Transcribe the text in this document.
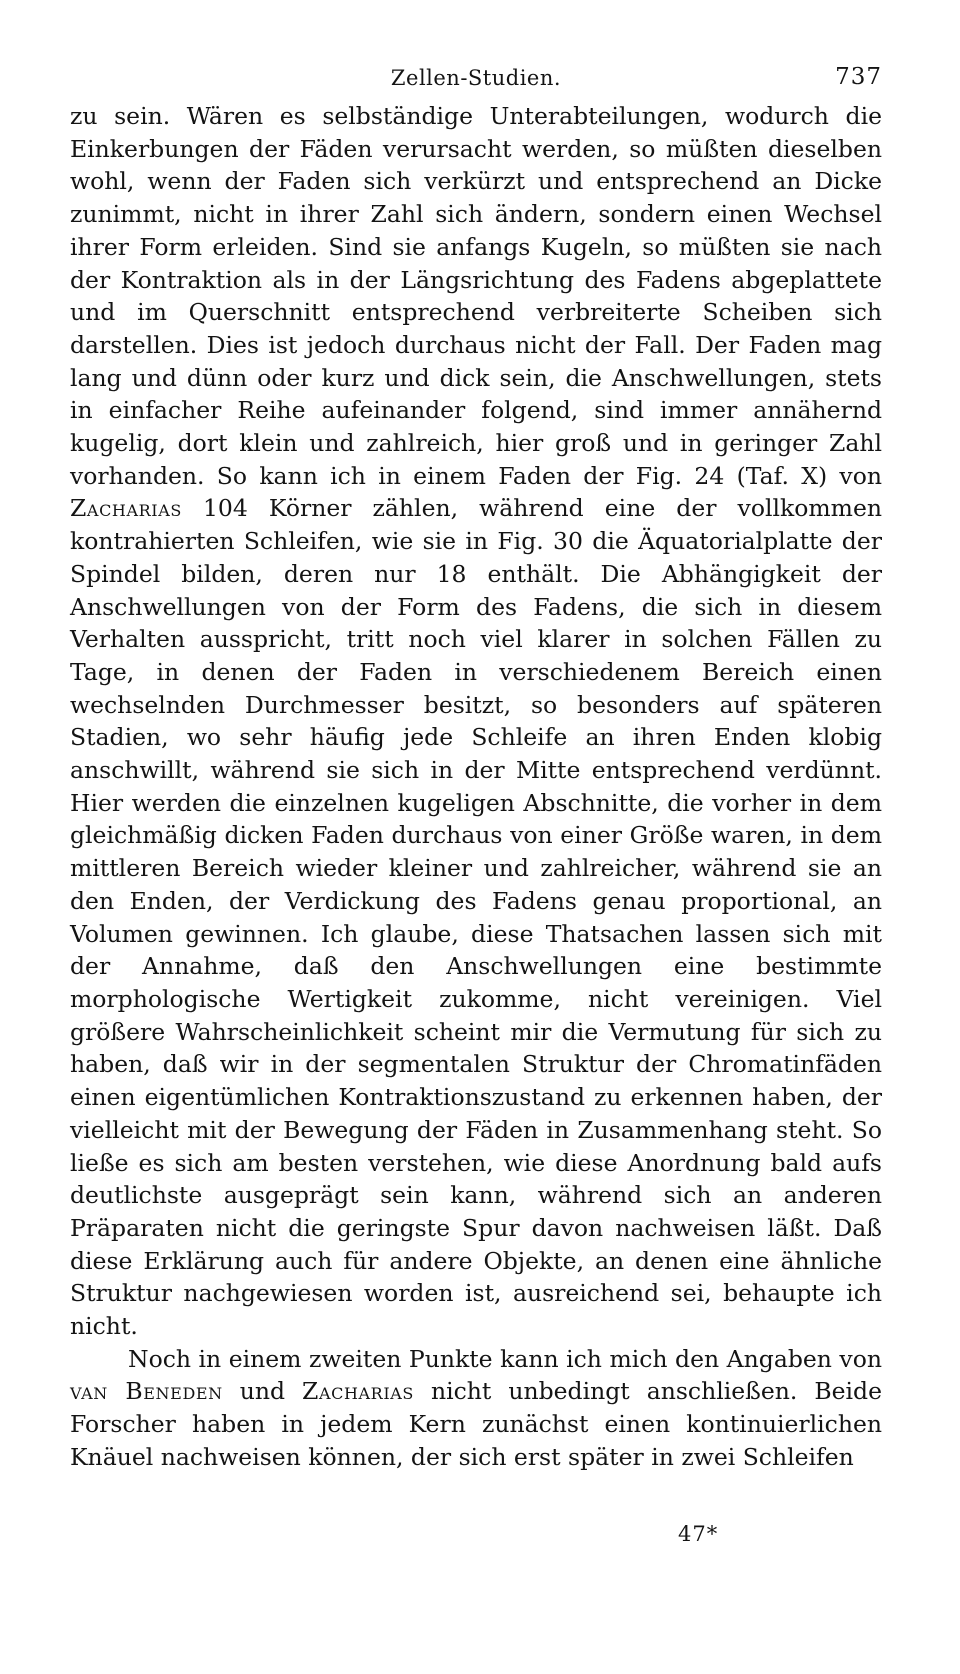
Zellen-Studien.	737

zu sein. Wären es selbständige Unterabteilungen, wodurch die Einkerbungen der Fäden verursacht werden, so müßten dieselben wohl, wenn der Faden sich verkürzt und entsprechend an Dicke zunimmt, nicht in ihrer Zahl sich ändern, sondern einen Wechsel ihrer Form erleiden. Sind sie anfangs Kugeln, so müßten sie nach der Kontraktion als in der Längsrichtung des Fadens abgeplattete und im Querschnitt entsprechend verbreiterte Scheiben sich darstellen. Dies ist jedoch durchaus nicht der Fall. Der Faden mag lang und dünn oder kurz und dick sein, die Anschwellungen, stets in einfacher Reihe aufeinander folgend, sind immer annähernd kugelig, dort klein und zahlreich, hier groß und in geringer Zahl vorhanden. So kann ich in einem Faden der Fig. 24 (Taf. X) von Zacharias 104 Körner zählen, während eine der vollkommen kontrahierten Schleifen, wie sie in Fig. 30 die Äquatorialplatte der Spindel bilden, deren nur 18 enthält. Die Abhängigkeit der Anschwellungen von der Form des Fadens, die sich in diesem Verhalten ausspricht, tritt noch viel klarer in solchen Fällen zu Tage, in denen der Faden in verschiedenem Bereich einen wechselnden Durchmesser besitzt, so besonders auf späteren Stadien, wo sehr häufig jede Schleife an ihren Enden klobig anschwillt, während sie sich in der Mitte entsprechend verdünnt. Hier werden die einzelnen kugeligen Abschnitte, die vorher in dem gleichmäßig dicken Faden durchaus von einer Größe waren, in dem mittleren Bereich wieder kleiner und zahlreicher, während sie an den Enden, der Verdickung des Fadens genau proportional, an Volumen gewinnen. Ich glaube, diese Thatsachen lassen sich mit der Annahme, daß den Anschwellungen eine bestimmte morphologische Wertigkeit zukomme, nicht vereinigen. Viel größere Wahrscheinlichkeit scheint mir die Vermutung für sich zu haben, daß wir in der segmentalen Struktur der Chromatinfäden einen eigentümlichen Kontraktionszustand zu erkennen haben, der vielleicht mit der Bewegung der Fäden in Zusammenhang steht. So ließe es sich am besten verstehen, wie diese Anordnung bald aufs deutlichste ausgeprägt sein kann, während sich an anderen Präparaten nicht die geringste Spur davon nachweisen läßt. Daß diese Erklärung auch für andere Objekte, an denen eine ähnliche Struktur nachgewiesen worden ist, ausreichend sei, behaupte ich nicht.

Noch in einem zweiten Punkte kann ich mich den Angaben von van Beneden und Zacharias nicht unbedingt anschließen. Beide Forscher haben in jedem Kern zunächst einen kontinuierlichen Knäuel nachweisen können, der sich erst später in zwei Schleifen

47*
